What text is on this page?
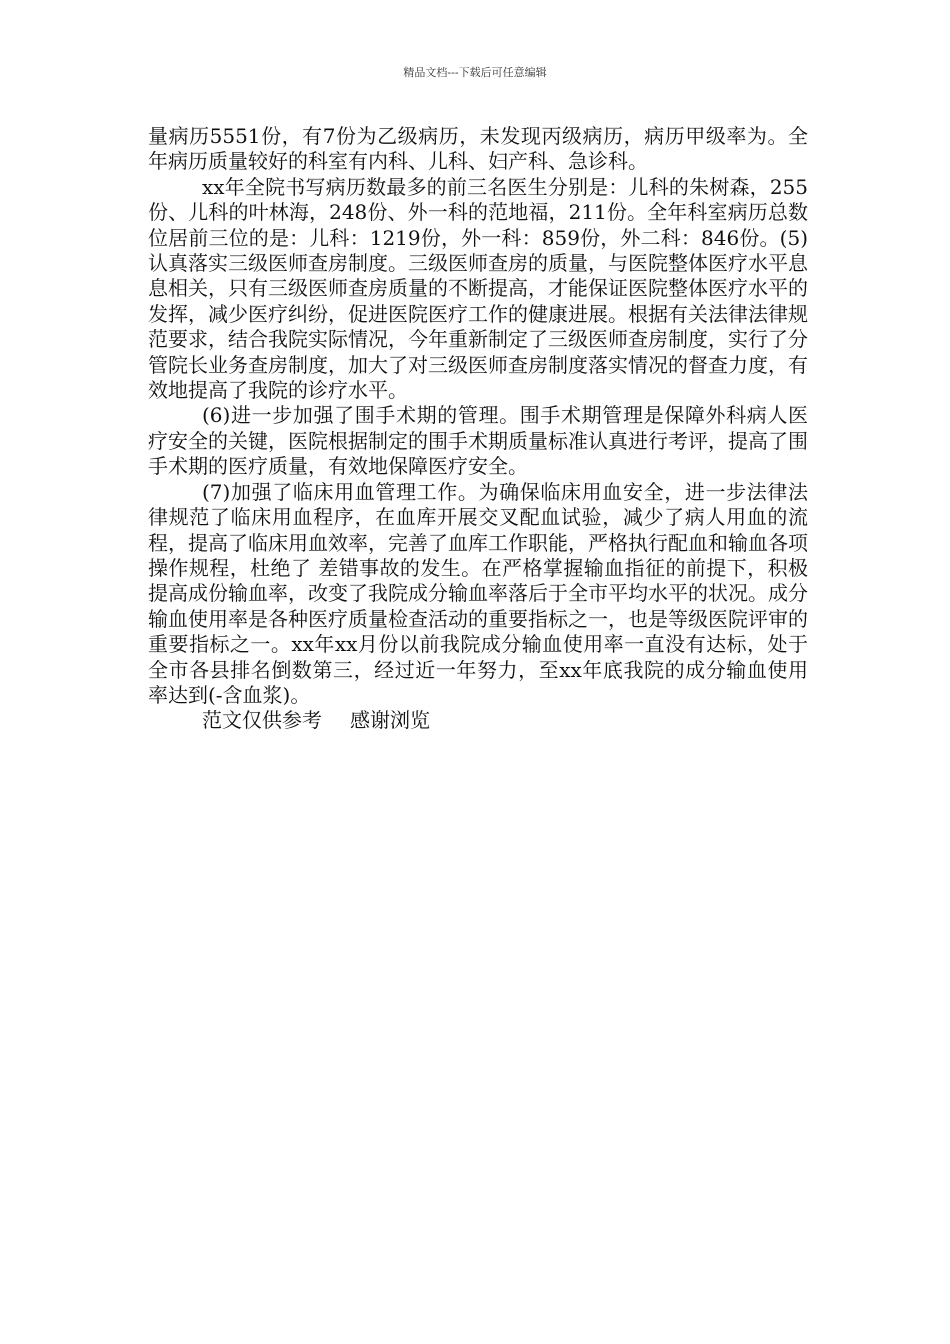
精品文档---下载后可任意编辑

量病历5551份，有7份为乙级病历，未发现丙级病历，病历甲级率为。全年病历质量较好的科室有内科、儿科、妇产科、急诊科。

xx年全院书写病历数最多的前三名医生分别是：儿科的朱树森，255份、儿科的叶林海，248份、外一科的范地福，211份。全年科室病历总数位居前三位的是：儿科：1219份，外一科：859份，外二科：846份。(5)认真落实三级医师查房制度。三级医师查房的质量，与医院整体医疗水平息息相关，只有三级医师查房质量的不断提高，才能保证医院整体医疗水平的发挥，减少医疗纠纷，促进医院医疗工作的健康进展。根据有关法律法律规范要求，结合我院实际情况，今年重新制定了三级医师查房制度，实行了分管院长业务查房制度，加大了对三级医师查房制度落实情况的督查力度，有效地提高了我院的诊疗水平。

(6)进一步加强了围手术期的管理。围手术期管理是保障外科病人医疗安全的关键，医院根据制定的围手术期质量标准认真进行考评，提高了围手术期的医疗质量，有效地保障医疗安全。

(7)加强了临床用血管理工作。为确保临床用血安全，进一步法律法律规范了临床用血程序，在血库开展交叉配血试验，减少了病人用血的流程，提高了临床用血效率，完善了血库工作职能，严格执行配血和输血各项操作规程，杜绝了 差错事故的发生。在严格掌握输血指征的前提下，积极提高成份输血率，改变了我院成分输血率落后于全市平均水平的状况。成分输血使用率是各种医疗质量检查活动的重要指标之一，也是等级医院评审的重要指标之一。xx年xx月份以前我院成分输血使用率一直没有达标，处于全市各县排名倒数第三，经过近一年努力，至xx年底我院的成分输血使用率达到(-含血浆)。

范文仅供参考 感谢浏览
